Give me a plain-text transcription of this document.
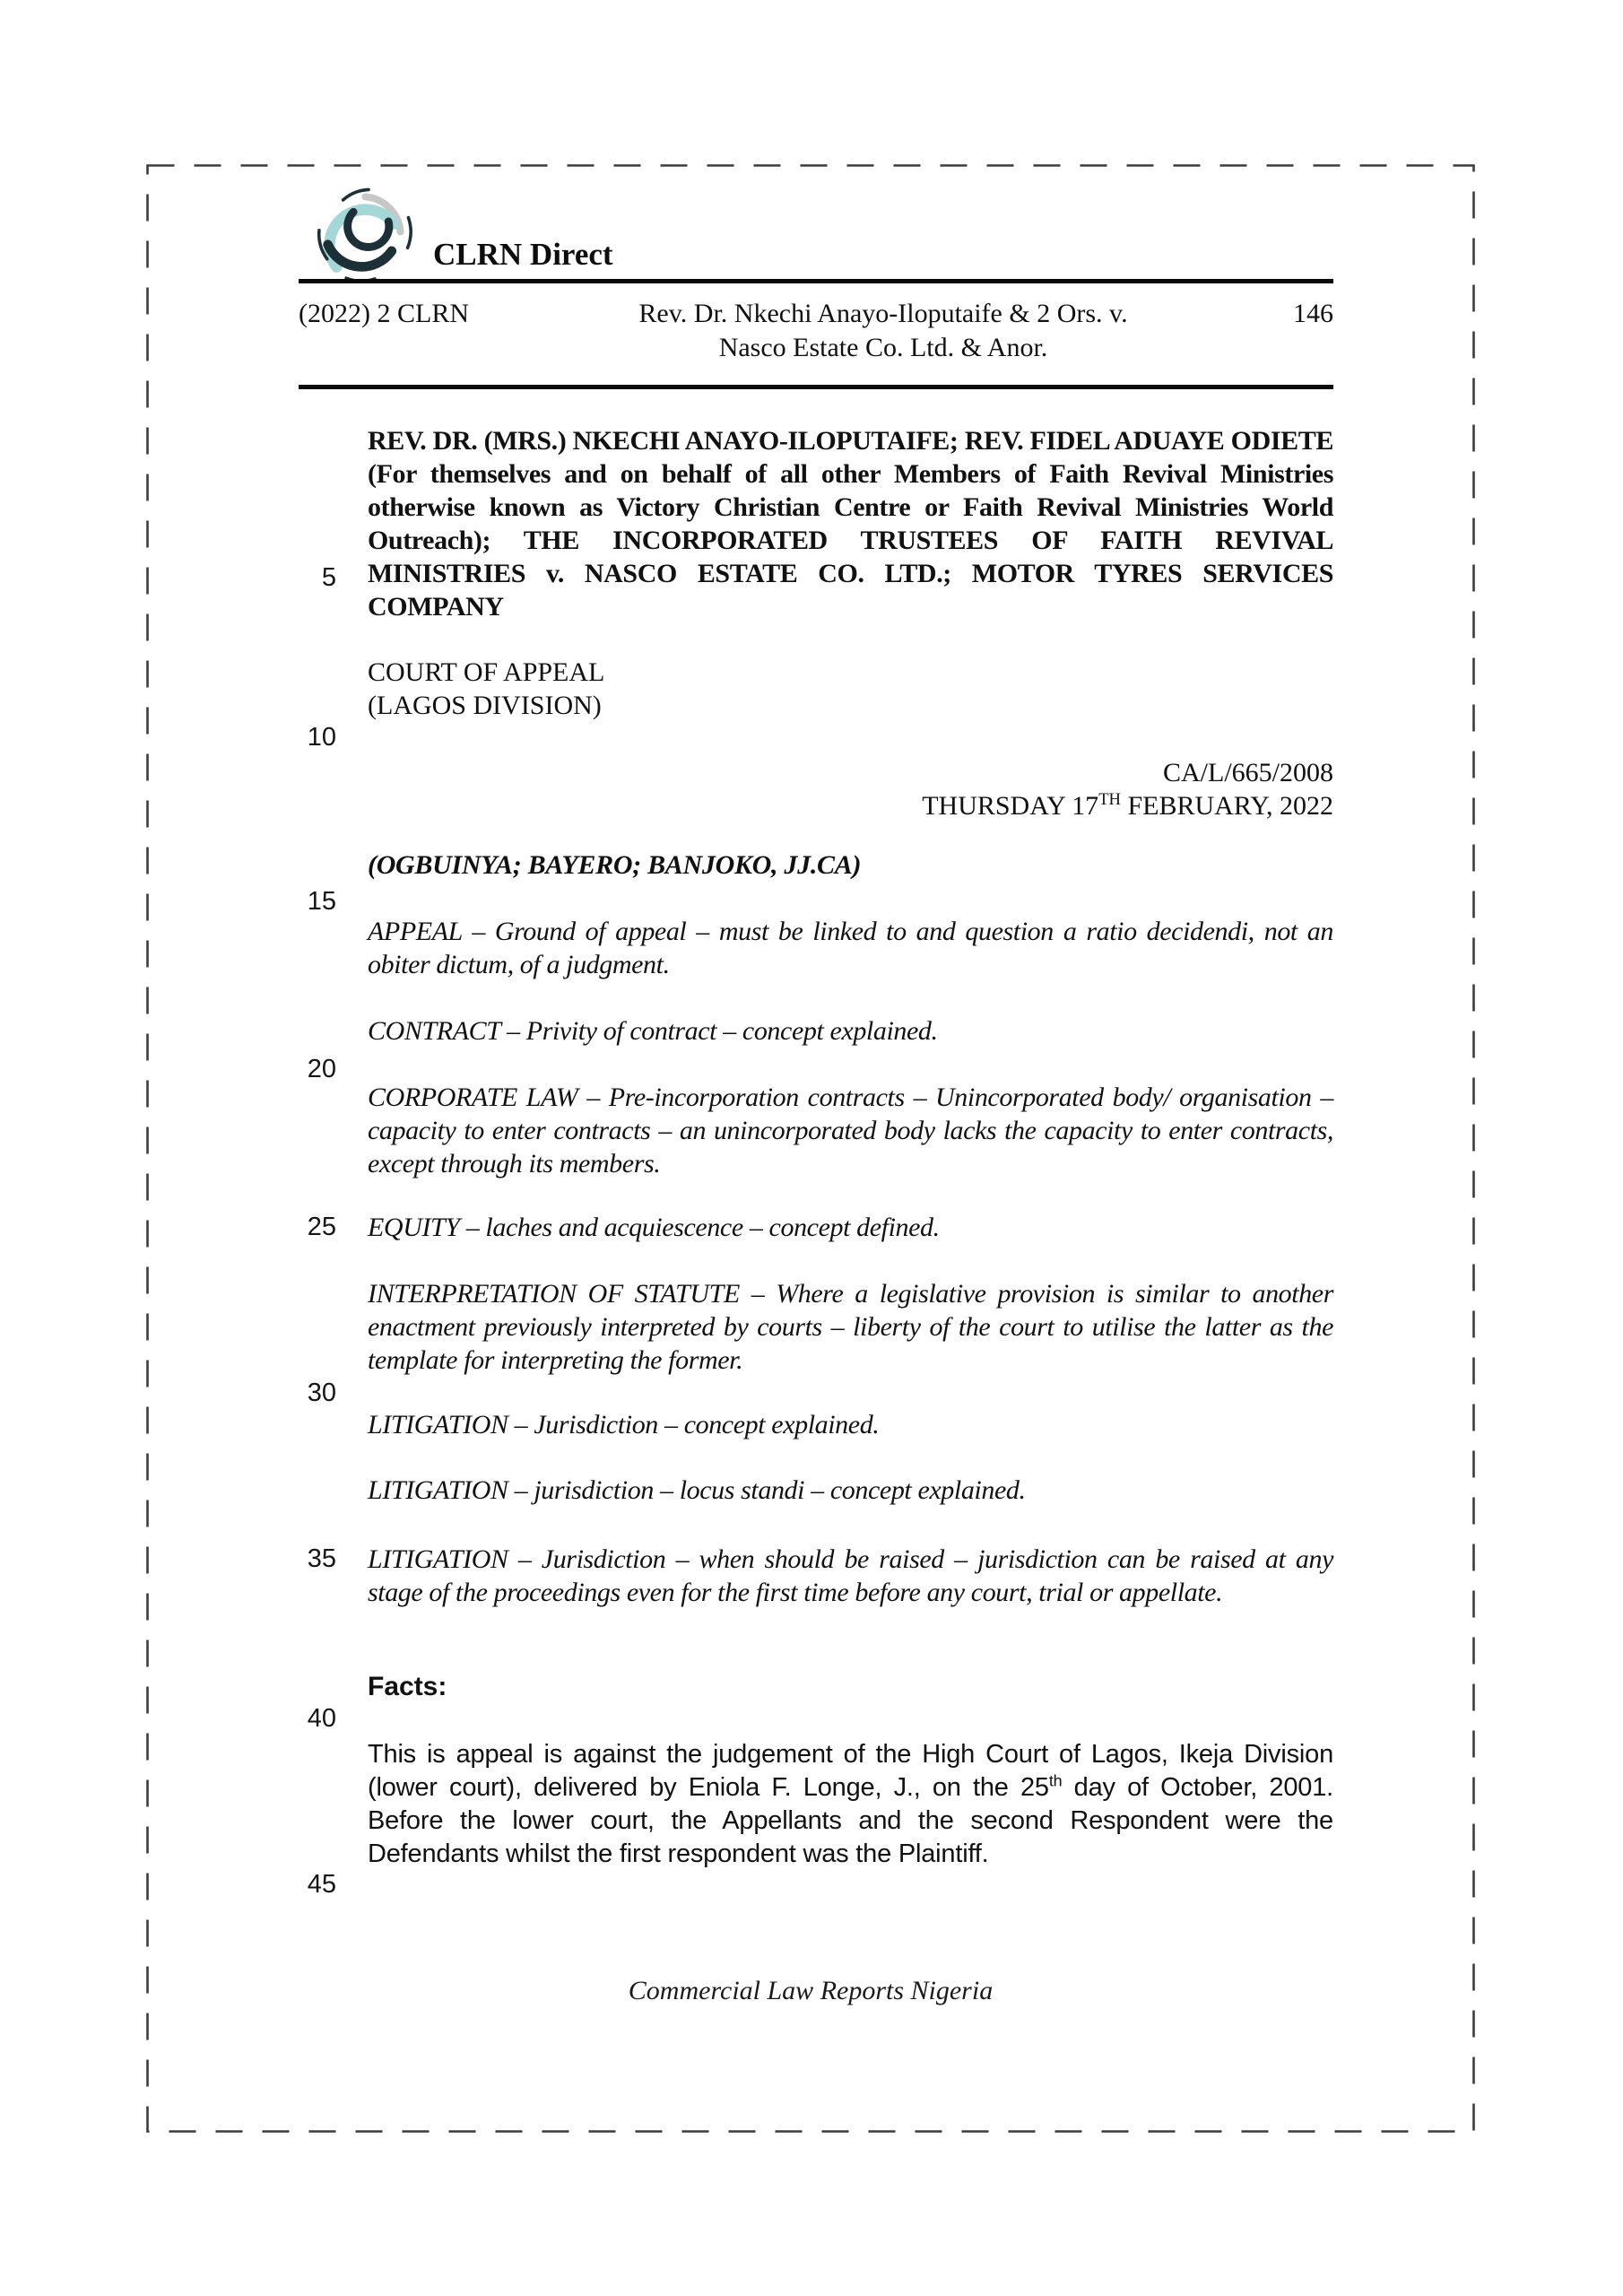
CLRN Direct
(2022) 2 CLRN	Rev. Dr. Nkechi Anayo-Iloputaife & 2 Ors. v.
Nasco Estate Co. Ltd. & Anor.
146
5
10
15
20
25
30
35
40
45

REV. DR. (MRS.) NKECHI ANAYO-ILOPUTAIFE; REV. FIDEL ADUAYE ODIETE (For themselves and on behalf of all other Members of Faith Revival Ministries otherwise known as Victory Christian Centre or Faith Revival Ministries World Outreach); THE INCORPORATED TRUSTEES OF FAITH REVIVAL MINISTRIES v. NASCO ESTATE CO. LTD.; MOTOR TYRES SERVICES COMPANY

COURT OF APPEAL
(LAGOS DIVISION)

CA/L/665/2008

THURSDAY 17TH FEBRUARY, 2022

(OGBUINYA; BAYERO; BANJOKO, JJ.CA)

APPEAL – Ground of appeal – must be linked to and question a ratio decidendi, not an obiter dictum, of a judgment.

CONTRACT – Privity of contract – concept explained.

CORPORATE LAW – Pre-incorporation contracts – Unincorporated body/ organisation – capacity to enter contracts – an unincorporated body lacks the capacity to enter contracts, except through its members.

EQUITY – laches and acquiescence – concept defined.

INTERPRETATION OF STATUTE – Where a legislative provision is similar to another enactment previously interpreted by courts – liberty of the court to utilise the latter as the template for interpreting the former.

LITIGATION – Jurisdiction – concept explained.

LITIGATION – jurisdiction – locus standi – concept explained.

LITIGATION – Jurisdiction – when should be raised – jurisdiction can be raised at any stage of the proceedings even for the first time before any court, trial or appellate.

Facts:

This is appeal is against the judgement of the High Court of Lagos, Ikeja Division (lower court), delivered by Eniola F. Longe, J., on the 25th day of October, 2001. Before the lower court, the Appellants and the second Respondent were the Defendants whilst the first respondent was the Plaintiff.

Commercial Law Reports Nigeria
